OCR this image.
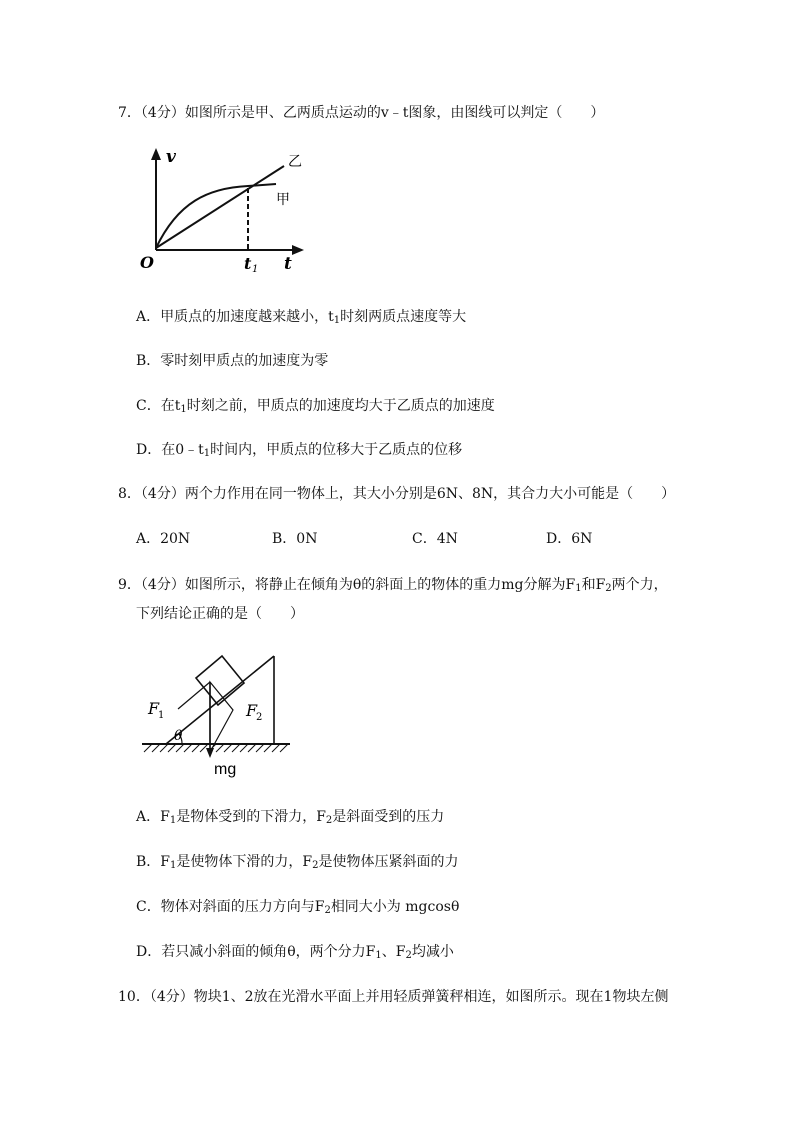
7．（4分）如图所示是甲、乙两质点运动的v﹣t图象，由图线可以判定（　　）
v
t
O	t 1
乙
甲
A．甲质点的加速度越来越小，$t_1$时刻两质点速度等大
B．零时刻甲质点的加速度为零
C．在$t_1$时刻之前，甲质点的加速度均大于乙质点的加速度
D．在$0﹣t_1$时间内，甲质点的位移大于乙质点的位移
8．（4分）两个力作用在同一物体上，其大小分别是6N、8N，其合力大小可能是（　　）
A．20N	B．0N	C．4N	D．6N
9．（4分）如图所示，将静止在倾角为θ的斜面上的物体的重力mg分解为$F_1$和$F_2$两个力，
下列结论正确的是（　　）
F
1	F
2
θ
mg
A．$F_1$是物体受到的下滑力，$F_2$是斜面受到的压力
B．$F_1$是使物体下滑的力，$F_2$是使物体压紧斜面的力
C．物体对斜面的压力方向与$F_2$相同大小为 mgcosθ
D．若只减小斜面的倾角θ，两个分力$F_1$、$F_2$均减小
10．（4分）物块1、2放在光滑水平面上并用轻质弹簧秤相连，如图所示。现在1物块左侧
